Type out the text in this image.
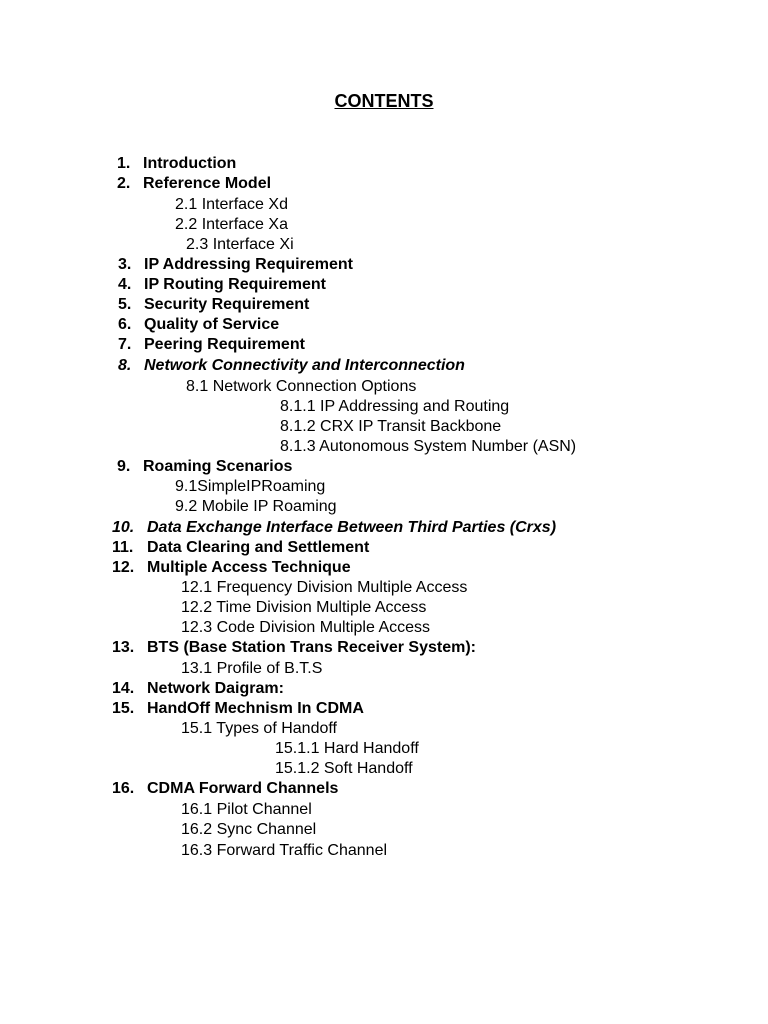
CONTENTS
1. Introduction
2. Reference Model
2.1 Interface Xd
2.2 Interface Xa
2.3 Interface Xi
3. IP Addressing Requirement
4. IP Routing Requirement
5. Security Requirement
6. Quality of Service
7. Peering Requirement
8. Network Connectivity and Interconnection
8.1 Network Connection Options
8.1.1 IP Addressing and Routing
8.1.2 CRX IP Transit Backbone
8.1.3 Autonomous System Number (ASN)
9. Roaming Scenarios
9.1SimpleIPRoaming
9.2 Mobile IP Roaming
10. Data Exchange Interface Between Third Parties (Crxs)
11. Data Clearing and Settlement
12. Multiple Access Technique
12.1 Frequency Division Multiple Access
12.2 Time Division Multiple Access
12.3 Code Division Multiple Access
13. BTS (Base Station Trans Receiver System):
13.1 Profile of B.T.S
14. Network Daigram:
15. HandOff Mechnism In CDMA
15.1 Types of Handoff
15.1.1 Hard Handoff
15.1.2 Soft Handoff
16. CDMA Forward Channels
16.1 Pilot Channel
16.2 Sync Channel
16.3 Forward Traffic Channel
